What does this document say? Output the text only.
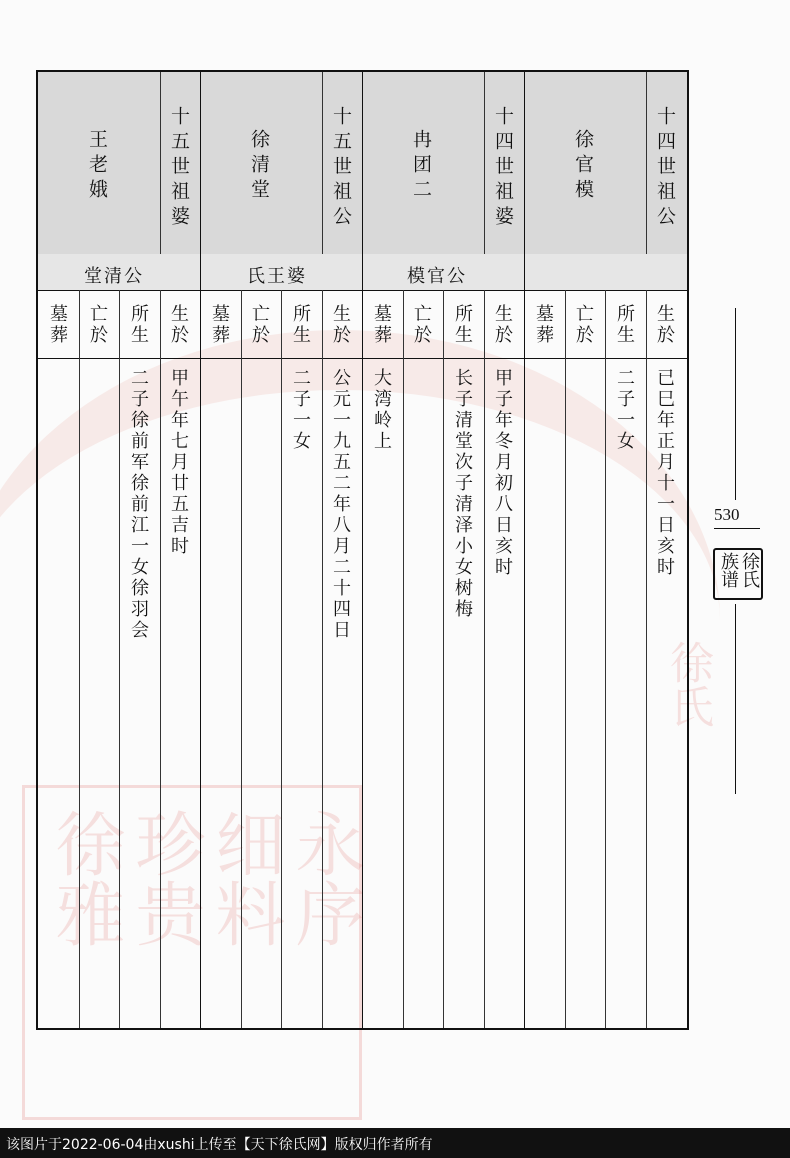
永序
细料
珍贵
徐雅
徐氏
十四世祖公
徐官模
十四世祖婆
冉团二
十五世祖公
徐清堂
十五世祖婆
王老娥
模官公
氏王婆
堂清公
生於
所生
亡於
墓葬
生於
所生
亡於
墓葬
生於
所生
亡於
墓葬
生於
所生
亡於
墓葬
已巳年正月十一日亥时
二子一女
甲子年冬月初八日亥时
长子清堂次子清泽小女树梅
大湾岭上
公元一九五二年八月二十四日
二子一女
甲午年七月廿五吉时
二子徐前军徐前江一女徐羽会	530
徐氏族谱
该图片于2022-06-04由xushi上传至【天下徐氏网】版权归作者所有
